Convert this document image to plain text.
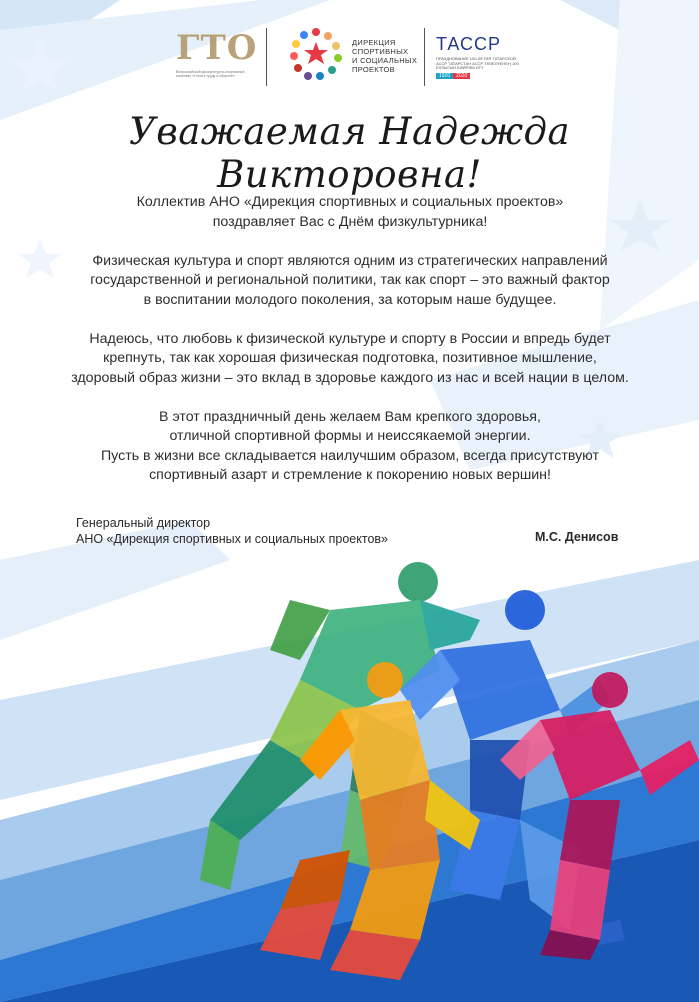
ГТО
Всероссийский физкультурно-спортивный комплекс «Готов к труду и обороне»
ДИРЕКЦИЯ
СПОРТИВНЫХ
И СОЦИАЛЬНЫХ
ПРОЕКТОВ
ТАССР
ПРАЗДНОВАНИЕ 100-ЛЕТИЯ ТАТАРСКОЙ АССР ТАТАРСТАН АССР ТӨЗЕЛҮЕНЕҢ 100 ЕЛЛЫГЫН БӘЙРӘМ ИТҮ
1920	2020
Уважаемая Надежда Викторовна!

Коллектив АНО «Дирекция спортивных и социальных проектов»
поздравляет Вас с Днём физкультурника!

Физическая культура и спорт являются одним из стратегических направлений
государственной и региональной политики, так как спорт – это важный фактор
в воспитании молодого поколения, за которым наше будущее.

Надеюсь, что любовь к физической культуре и спорту в России и впредь будет
крепнуть, так как хорошая физическая подготовка, позитивное мышление,
здоровый образ жизни – это вклад в здоровье каждого из нас и всей нации в целом.

В этот праздничный день желаем Вам крепкого здоровья,
отличной спортивной формы и неиссякаемой энергии.
Пусть в жизни все складывается наилучшим образом, всегда присутствуют
спортивный азарт и стремление к покорению новых вершин!

Генеральный директор
АНО «Дирекция спортивных и социальных проектов»	М.С. Денисов
